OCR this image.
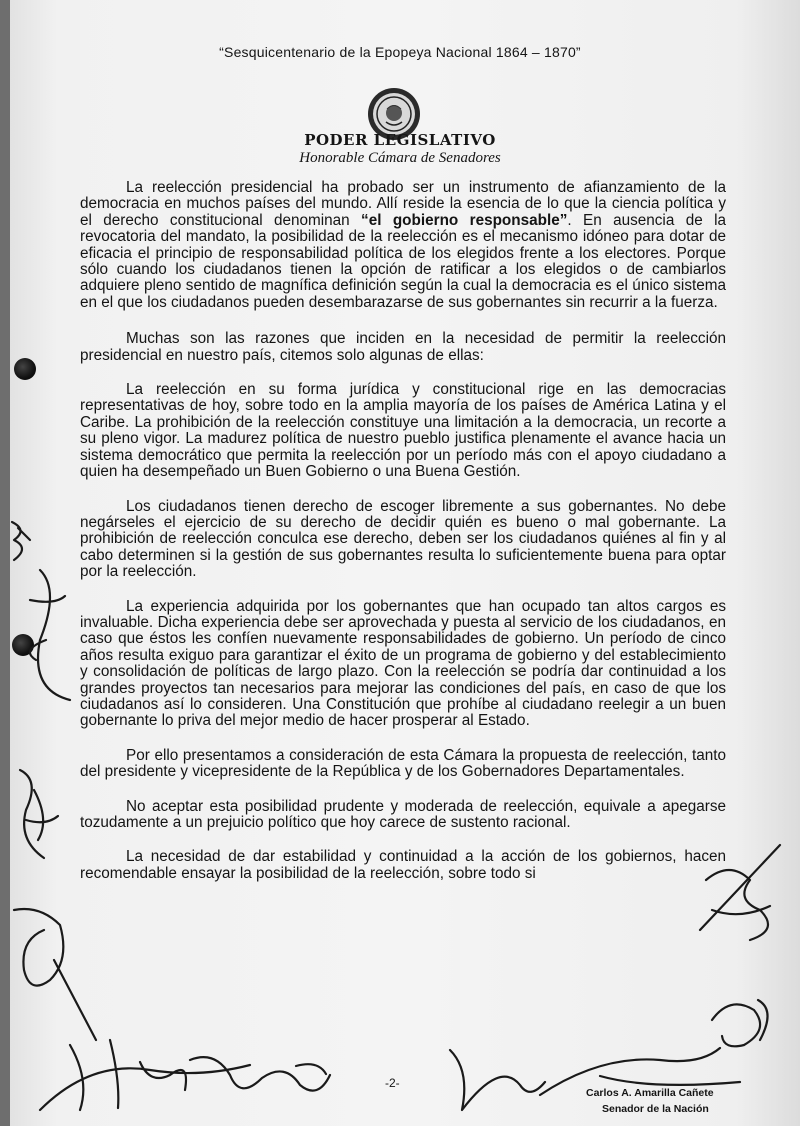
“Sesquicentenario de la Epopeya Nacional 1864 – 1870”
PODER LEGISLATIVO
Honorable Cámara de Senadores

La reelección presidencial ha probado ser un instrumento de afianzamiento de la democracia en muchos países del mundo. Allí reside la esencia de lo que la ciencia política y el derecho constitucional denominan “el gobierno responsable”. En ausencia de la revocatoria del mandato, la posibilidad de la reelección es el mecanismo idóneo para dotar de eficacia el principio de responsabilidad política de los elegidos frente a los electores. Porque sólo cuando los ciudadanos tienen la opción de ratificar a los elegidos o de cambiarlos adquiere pleno sentido de magnífica definición según la cual la democracia es el único sistema en el que los ciudadanos pueden desembarazarse de sus gobernantes sin recurrir a la fuerza.

Muchas son las razones que inciden en la necesidad de permitir la reelección presidencial en nuestro país, citemos solo algunas de ellas:

La reelección en su forma jurídica y constitucional rige en las democracias representativas de hoy, sobre todo en la amplia mayoría de los países de América Latina y el Caribe. La prohibición de la reelección constituye una limitación a la democracia, un recorte a su pleno vigor. La madurez política de nuestro pueblo justifica plenamente el avance hacia un sistema democrático que permita la reelección por un período más con el apoyo ciudadano a quien ha desempeñado un Buen Gobierno o una Buena Gestión.

Los ciudadanos tienen derecho de escoger libremente a sus gobernantes. No debe negárseles el ejercicio de su derecho de decidir quién es bueno o mal gobernante. La prohibición de reelección conculca ese derecho, deben ser los ciudadanos quiénes al fin y al cabo determinen si la gestión de sus gobernantes resulta lo suficientemente buena para optar por la reelección.

La experiencia adquirida por los gobernantes que han ocupado tan altos cargos es invaluable. Dicha experiencia debe ser aprovechada y puesta al servicio de los ciudadanos, en caso que éstos les confíen nuevamente responsabilidades de gobierno. Un período de cinco años resulta exiguo para garantizar el éxito de un programa de gobierno y del establecimiento y consolidación de políticas de largo plazo. Con la reelección se podría dar continuidad a los grandes proyectos tan necesarios para mejorar las condiciones del país, en caso de que los ciudadanos así lo consideren. Una Constitución que prohíbe al ciudadano reelegir a un buen gobernante lo priva del mejor medio de hacer prosperar al Estado.

Por ello presentamos a consideración de esta Cámara la propuesta de reelección, tanto del presidente y vicepresidente de la República y de los Gobernadores Departamentales.

No aceptar esta posibilidad prudente y moderada de reelección, equivale a apegarse tozudamente a un prejuicio político que hoy carece de sustento racional.

La necesidad de dar estabilidad y continuidad a la acción de los gobiernos, hacen recomendable ensayar la posibilidad de la reelección, sobre todo si

-2-
Carlos A. Amarilla Cañete
Senador de la Nación
